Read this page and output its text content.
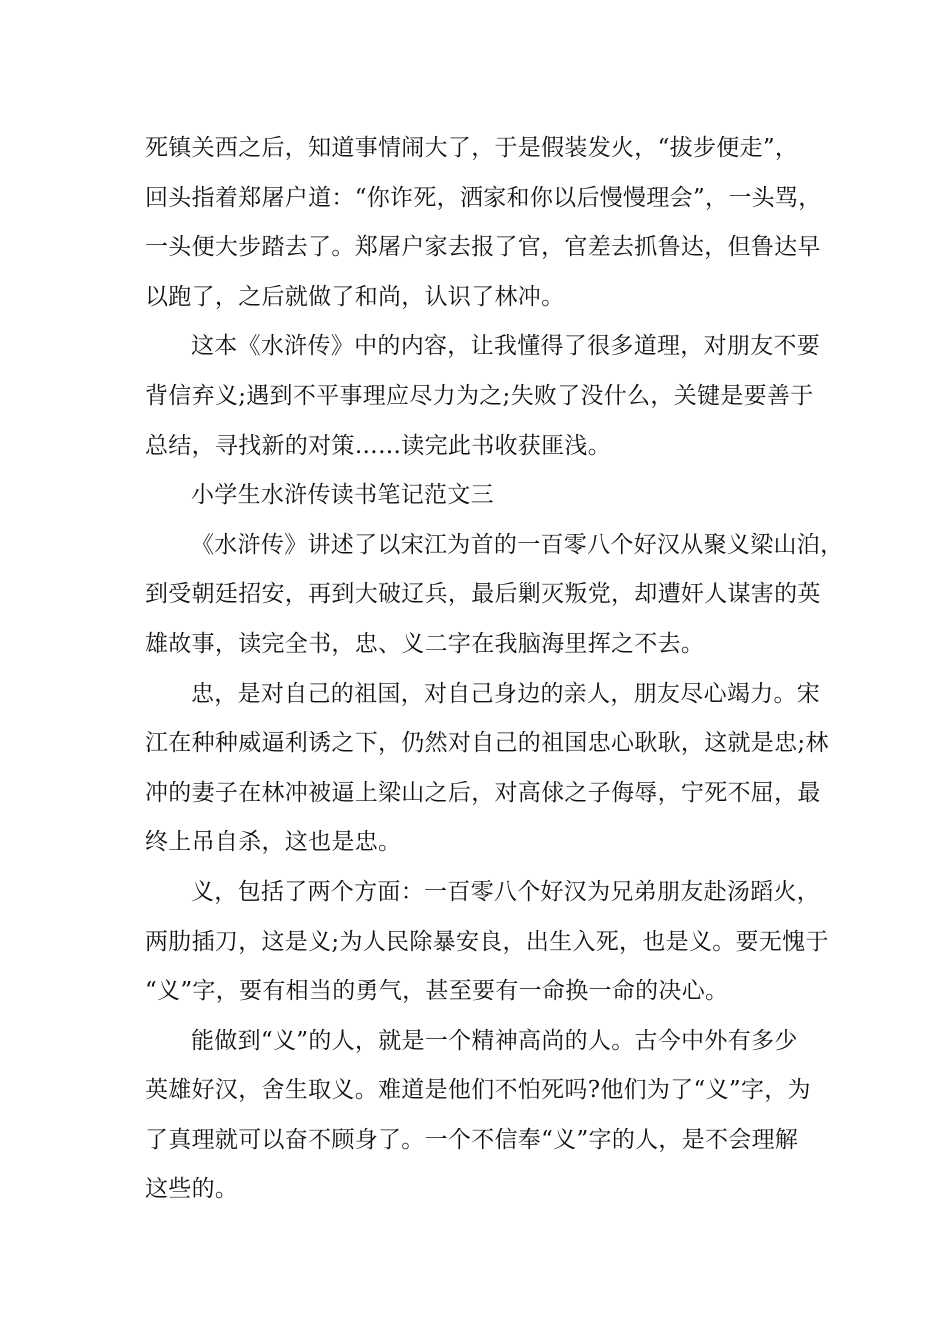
死镇关西之后，知道事情闹大了，于是假装发火，“拔步便走”，
回头指着郑屠户道：“你诈死，洒家和你以后慢慢理会”，一头骂，
一头便大步踏去了。郑屠户家去报了官，官差去抓鲁达，但鲁达早
以跑了，之后就做了和尚，认识了林冲。
这本《水浒传》中的内容，让我懂得了很多道理，对朋友不要
背信弃义;遇到不平事理应尽力为之;失败了没什么，关键是要善于
总结，寻找新的对策……读完此书收获匪浅。
小学生水浒传读书笔记范文三
《水浒传》讲述了以宋江为首的一百零八个好汉从聚义梁山泊，
到受朝廷招安，再到大破辽兵，最后剿灭叛党，却遭奸人谋害的英
雄故事，读完全书，忠、义二字在我脑海里挥之不去。
忠，是对自己的祖国，对自己身边的亲人，朋友尽心竭力。宋
江在种种威逼利诱之下，仍然对自己的祖国忠心耿耿，这就是忠;林
冲的妻子在林冲被逼上梁山之后，对高俅之子侮辱，宁死不屈，最
终上吊自杀，这也是忠。
义，包括了两个方面：一百零八个好汉为兄弟朋友赴汤蹈火，
两肋插刀，这是义;为人民除暴安良，出生入死，也是义。要无愧于
“义”字，要有相当的勇气，甚至要有一命换一命的决心。
能做到“义”的人，就是一个精神高尚的人。古今中外有多少
英雄好汉，舍生取义。难道是他们不怕死吗?他们为了“义”字，为
了真理就可以奋不顾身了。一个不信奉“义”字的人，是不会理解
这些的。
